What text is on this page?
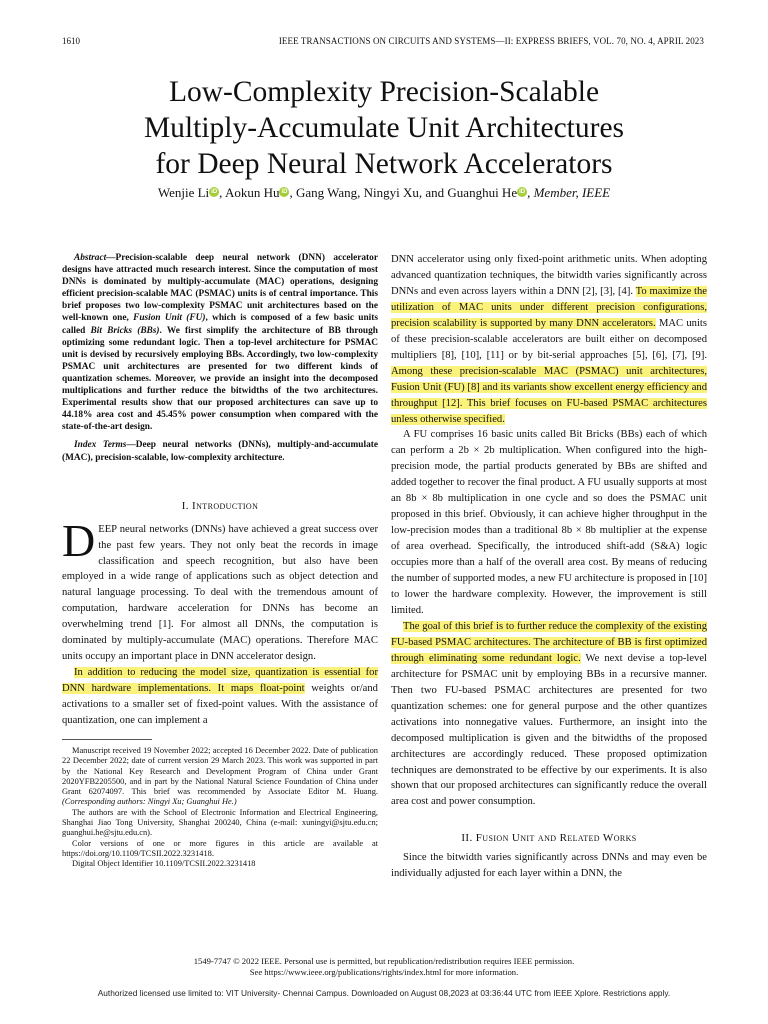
1610	IEEE TRANSACTIONS ON CIRCUITS AND SYSTEMS—II: EXPRESS BRIEFS, VOL. 70, NO. 4, APRIL 2023
Low-Complexity Precision-Scalable
Multiply-Accumulate Unit Architectures
for Deep Neural Network Accelerators
Wenjie Li iD , Aokun Hu iD , Gang Wang, Ningyi Xu, and Guanghui He iD , Member, IEEE

Abstract—Precision-scalable deep neural network (DNN) accelerator designs have attracted much research interest. Since the computation of most DNNs is dominated by multiply-accumulate (MAC) operations, designing efficient precision-scalable MAC (PSMAC) units is of central importance. This brief proposes two low-complexity PSMAC unit architectures based on the well-known one, Fusion Unit (FU), which is composed of a few basic units called Bit Bricks (BBs). We first simplify the architecture of BB through optimizing some redundant logic. Then a top-level architecture for PSMAC unit is devised by recursively employing BBs. Accordingly, two low-complexity PSMAC unit architectures are presented for two different kinds of quantization schemes. Moreover, we provide an insight into the decomposed multiplications and further reduce the bitwidths of the two architectures. Experimental results show that our proposed architectures can save up to 44.18% area cost and 45.45% power consumption when compared with the state-of-the-art design.

Index Terms—Deep neural networks (DNNs), multiply-and-accumulate (MAC), precision-scalable, low-complexity architecture.

I. Introduction

DEEP neural networks (DNNs) have achieved a great success over the past few years. They not only beat the records in image classification and speech recognition, but also have been employed in a wide range of applications such as object detection and natural language processing. To deal with the tremendous amount of computation, hardware acceleration for DNNs has become an overwhelming trend [1]. For almost all DNNs, the computation is dominated by multiply-accumulate (MAC) operations. Therefore MAC units occupy an important place in DNN accelerator design.

In addition to reducing the model size, quantization is essential for DNN hardware implementations. It maps float-point weights or/and activations to a smaller set of fixed-point values. With the assistance of quantization, one can implement a

Manuscript received 19 November 2022; accepted 16 December 2022. Date of publication 22 December 2022; date of current version 29 March 2023. This work was supported in part by the National Key Research and Development Program of China under Grant 2020YFB2205500, and in part by the National Natural Science Foundation of China under Grant 62074097. This brief was recommended by Associate Editor M. Huang. (Corresponding authors: Ningyi Xu; Guanghui He.)

The authors are with the School of Electronic Information and Electrical Engineering, Shanghai Jiao Tong University, Shanghai 200240, China (e-mail: xuningyi@sjtu.edu.cn; guanghui.he@sjtu.edu.cn).

Color versions of one or more figures in this article are available at https://doi.org/10.1109/TCSII.2022.3231418.

Digital Object Identifier 10.1109/TCSII.2022.3231418

DNN accelerator using only fixed-point arithmetic units. When adopting advanced quantization techniques, the bitwidth varies significantly across DNNs and even across layers within a DNN [2], [3], [4]. To maximize the utilization of MAC units under different precision configurations, precision scalability is supported by many DNN accelerators. MAC units of these precision-scalable accelerators are built either on decomposed multipliers [8], [10], [11] or by bit-serial approaches [5], [6], [7], [9]. Among these precision-scalable MAC (PSMAC) unit architectures, Fusion Unit (FU) [8] and its variants show excellent energy efficiency and throughput [12]. This brief focuses on FU-based PSMAC architectures unless otherwise specified.

A FU comprises 16 basic units called Bit Bricks (BBs) each of which can perform a 2b × 2b multiplication. When configured into the high-precision mode, the partial products generated by BBs are shifted and added together to recover the final product. A FU usually supports at most an 8b × 8b multiplication in one cycle and so does the PSMAC unit proposed in this brief. Obviously, it can achieve higher throughput in the low-precision modes than a traditional 8b × 8b multiplier at the expense of area overhead. Specifically, the introduced shift-add (S&A) logic occupies more than a half of the overall area cost. By means of reducing the number of supported modes, a new FU architecture is proposed in [10] to lower the hardware complexity. However, the improvement is still limited.

The goal of this brief is to further reduce the complexity of the existing FU-based PSMAC architectures. The architecture of BB is first optimized through eliminating some redundant logic. We next devise a top-level architecture for PSMAC unit by employing BBs in a recursive manner. Then two FU-based PSMAC architectures are presented for two quantization schemes: one for general purpose and the other quantizes activations into nonnegative values. Furthermore, an insight into the decomposed multiplication is given and the bitwidths of the proposed architectures are accordingly reduced. These proposed optimization techniques are demonstrated to be effective by our experiments. It is also shown that our proposed architectures can significantly reduce the overall area cost and power consumption.

II. Fusion Unit and Related Works

Since the bitwidth varies significantly across DNNs and may even be individually adjusted for each layer within a DNN, the

1549-7747 © 2022 IEEE. Personal use is permitted, but republication/redistribution requires IEEE permission.
See https://www.ieee.org/publications/rights/index.html for more information.
Authorized licensed use limited to: VIT University- Chennai Campus. Downloaded on August 08,2023 at 03:36:44 UTC from IEEE Xplore. Restrictions apply.
